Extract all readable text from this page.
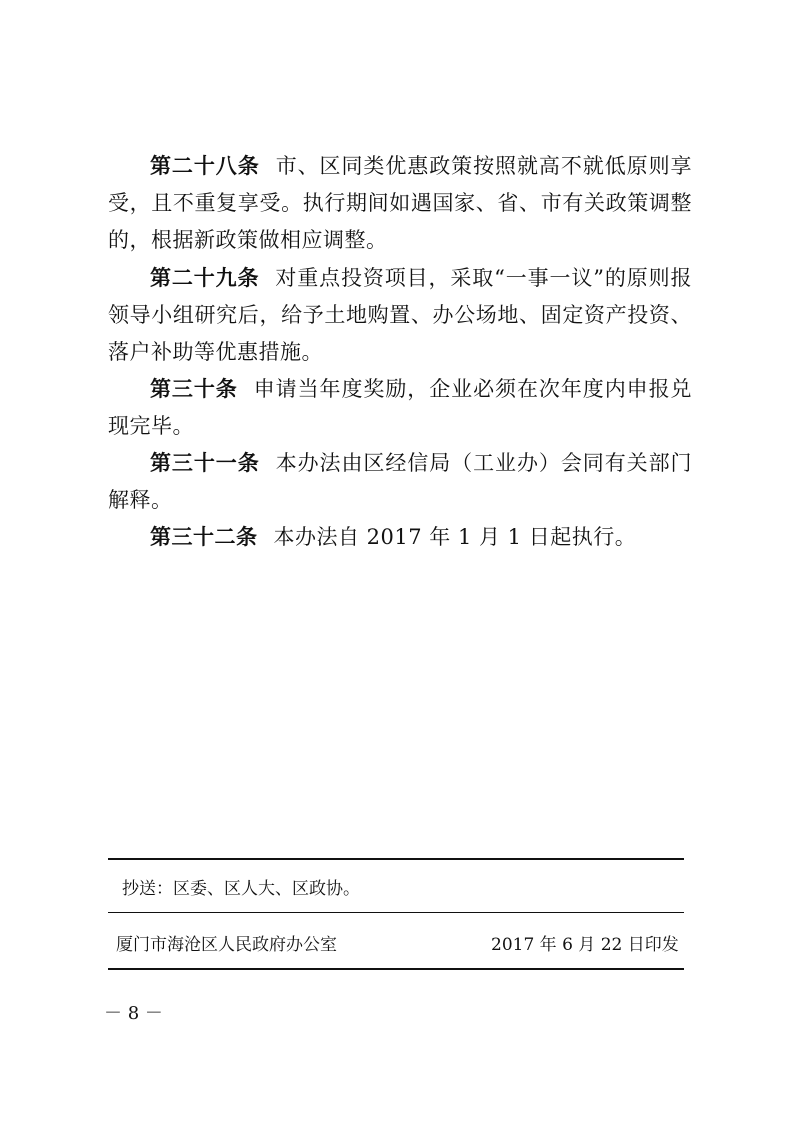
第二十八条 市、区同类优惠政策按照就高不就低原则享受，且不重复享受。执行期间如遇国家、省、市有关政策调整的，根据新政策做相应调整。

第二十九条 对重点投资项目，采取“一事一议”的原则报领导小组研究后，给予土地购置、办公场地、固定资产投资、落户补助等优惠措施。

第三十条 申请当年度奖励，企业必须在次年度内申报兑现完毕。

第三十一条 本办法由区经信局（工业办）会同有关部门解释。

第三十二条 本办法自 2017 年 1 月 1 日起执行。

抄送：区委、区人大、区政协。
厦门市海沧区人民政府办公室	2017 年 6 月 22 日印发
－ 8 －
